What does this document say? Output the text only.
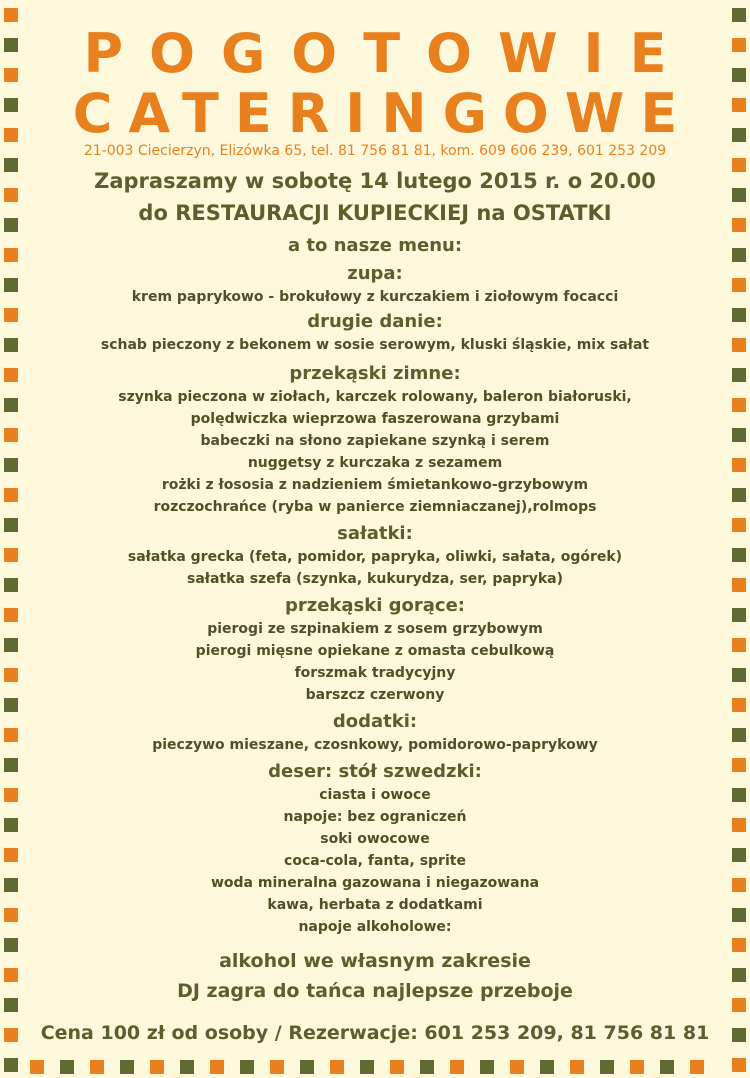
POGOTOWIE
CATERINGOWE
21-003 Ciecierzyn, Elizówka 65, tel. 81 756 81 81, kom. 609 606 239, 601 253 209
Zapraszamy w sobotę 14 lutego 2015 r. o 20.00
do RESTAURACJI KUPIECKIEJ na OSTATKI
a to nasze menu:
zupa:
krem paprykowo - brokułowy z kurczakiem i ziołowym focacci
drugie danie:
schab pieczony z bekonem w sosie serowym, kluski śląskie, mix sałat
przekąski zimne:
szynka pieczona w ziołach, karczek rolowany, baleron białoruski,
polędwiczka wieprzowa faszerowana grzybami
babeczki na słono zapiekane szynką i serem
nuggetsy z kurczaka z sezamem
rożki z łososia z nadzieniem śmietankowo-grzybowym
rozczochrańce (ryba w panierce ziemniaczanej),rolmops
sałatki:
sałatka grecka (feta, pomidor, papryka, oliwki, sałata, ogórek)
sałatka szefa (szynka, kukurydza, ser, papryka)
przekąski gorące:
pierogi ze szpinakiem z sosem grzybowym
pierogi mięsne opiekane z omasta cebulkową
forszmak tradycyjny
barszcz czerwony
dodatki:
pieczywo mieszane, czosnkowy, pomidorowo-paprykowy
deser: stół szwedzki:
ciasta i owoce
napoje: bez ograniczeń
soki owocowe
coca-cola, fanta, sprite
woda mineralna gazowana i niegazowana
kawa, herbata z dodatkami
napoje alkoholowe:
alkohol we własnym zakresie
DJ zagra do tańca najlepsze przeboje
Cena 100 zł od osoby / Rezerwacje: 601 253 209, 81 756 81 81
